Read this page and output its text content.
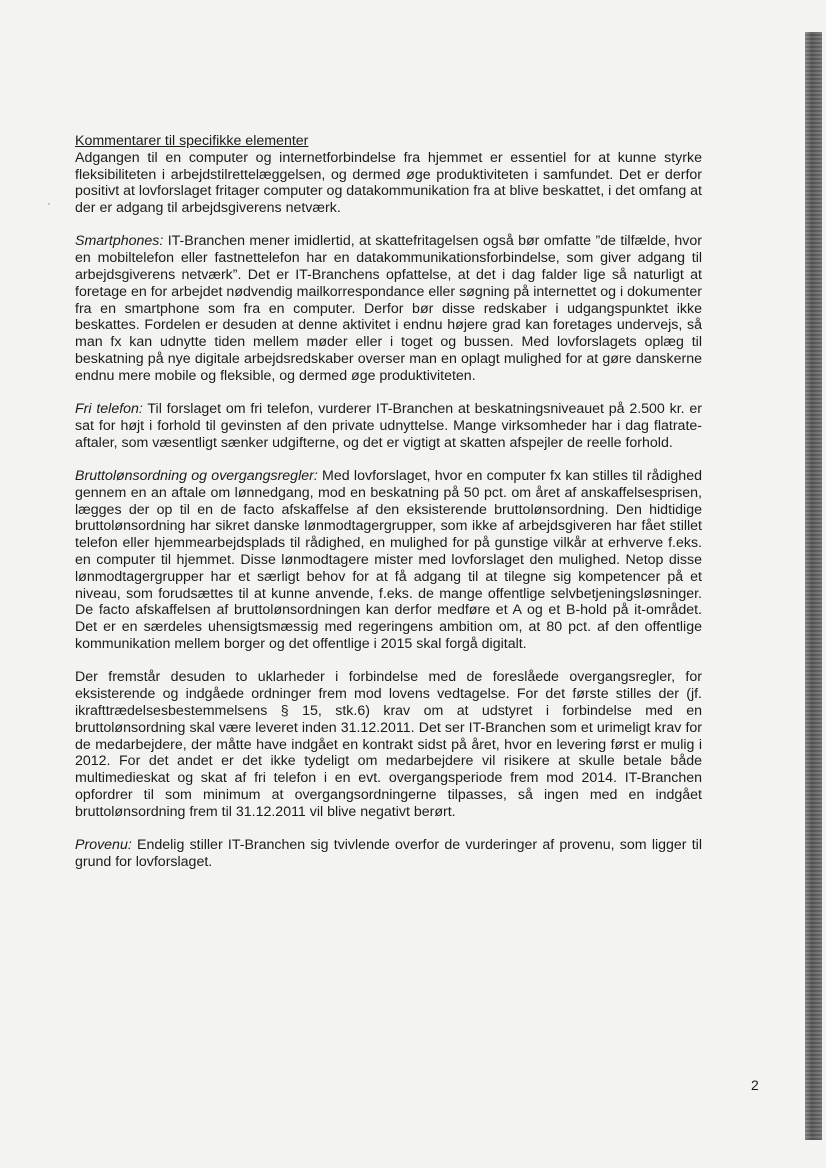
·
Kommentarer til specifikke elementer

Adgangen til en computer og internetforbindelse fra hjemmet er essentiel for at kunne styrke fleksibiliteten i arbejdstilrettelæggelsen, og dermed øge produktiviteten i samfundet. Det er derfor positivt at lovforslaget fritager computer og datakommunikation fra at blive beskattet, i det omfang at der er adgang til arbejdsgiverens netværk.

Smartphones: IT-Branchen mener imidlertid, at skattefritagelsen også bør omfatte ”de tilfælde, hvor en mobiltelefon eller fastnettelefon har en datakommunikationsforbindelse, som giver adgang til arbejdsgiverens netværk”. Det er IT-Branchens opfattelse, at det i dag falder lige så naturligt at foretage en for arbejdet nødvendig mailkorrespondance eller søgning på internettet og i dokumenter fra en smartphone som fra en computer. Derfor bør disse redskaber i udgangspunktet ikke beskattes. Fordelen er desuden at denne aktivitet i endnu højere grad kan foretages undervejs, så man fx kan udnytte tiden mellem møder eller i toget og bussen. Med lovforslagets oplæg til beskatning på nye digitale arbejdsredskaber overser man en oplagt mulighed for at gøre danskerne endnu mere mobile og fleksible, og dermed øge produktiviteten.

Fri telefon: Til forslaget om fri telefon, vurderer IT-Branchen at beskatningsniveauet på 2.500 kr. er sat for højt i forhold til gevinsten af den private udnyttelse. Mange virksomheder har i dag flatrate-aftaler, som væsentligt sænker udgifterne, og det er vigtigt at skatten afspejler de reelle forhold.

Bruttolønsordning og overgangsregler: Med lovforslaget, hvor en computer fx kan stilles til rådighed gennem en an aftale om lønnedgang, mod en beskatning på 50 pct. om året af anskaffelsesprisen, lægges der op til en de facto afskaffelse af den eksisterende bruttolønsordning. Den hidtidige bruttolønsordning har sikret danske lønmodtagergrupper, som ikke af arbejdsgiveren har fået stillet telefon eller hjemmearbejdsplads til rådighed, en mulighed for på gunstige vilkår at erhverve f.eks. en computer til hjemmet. Disse lønmodtagere mister med lovforslaget den mulighed. Netop disse lønmodtagergrupper har et særligt behov for at få adgang til at tilegne sig kompetencer på et niveau, som forudsættes til at kunne anvende, f.eks. de mange offentlige selvbetjeningsløsninger. De facto afskaffelsen af bruttolønsordningen kan derfor medføre et A og et B-hold på it-området. Det er en særdeles uhensigtsmæssig med regeringens ambition om, at 80 pct. af den offentlige kommunikation mellem borger og det offentlige i 2015 skal forgå digitalt.

Der fremstår desuden to uklarheder i forbindelse med de foreslåede overgangsregler, for eksisterende og indgåede ordninger frem mod lovens vedtagelse. For det første stilles der (jf. ikrafttrædelsesbestemmelsens § 15, stk.6) krav om at udstyret i forbindelse med en bruttolønsordning skal være leveret inden 31.12.2011. Det ser IT-Branchen som et urimeligt krav for de medarbejdere, der måtte have indgået en kontrakt sidst på året, hvor en levering først er mulig i 2012. For det andet er det ikke tydeligt om medarbejdere vil risikere at skulle betale både multimedieskat og skat af fri telefon i en evt. overgangsperiode frem mod 2014. IT-Branchen opfordrer til som minimum at overgangsordningerne tilpasses, så ingen med en indgået bruttolønsordning frem til 31.12.2011 vil blive negativt berørt.

Provenu: Endelig stiller IT-Branchen sig tvivlende overfor de vurderinger af provenu, som ligger til grund for lovforslaget.

2
